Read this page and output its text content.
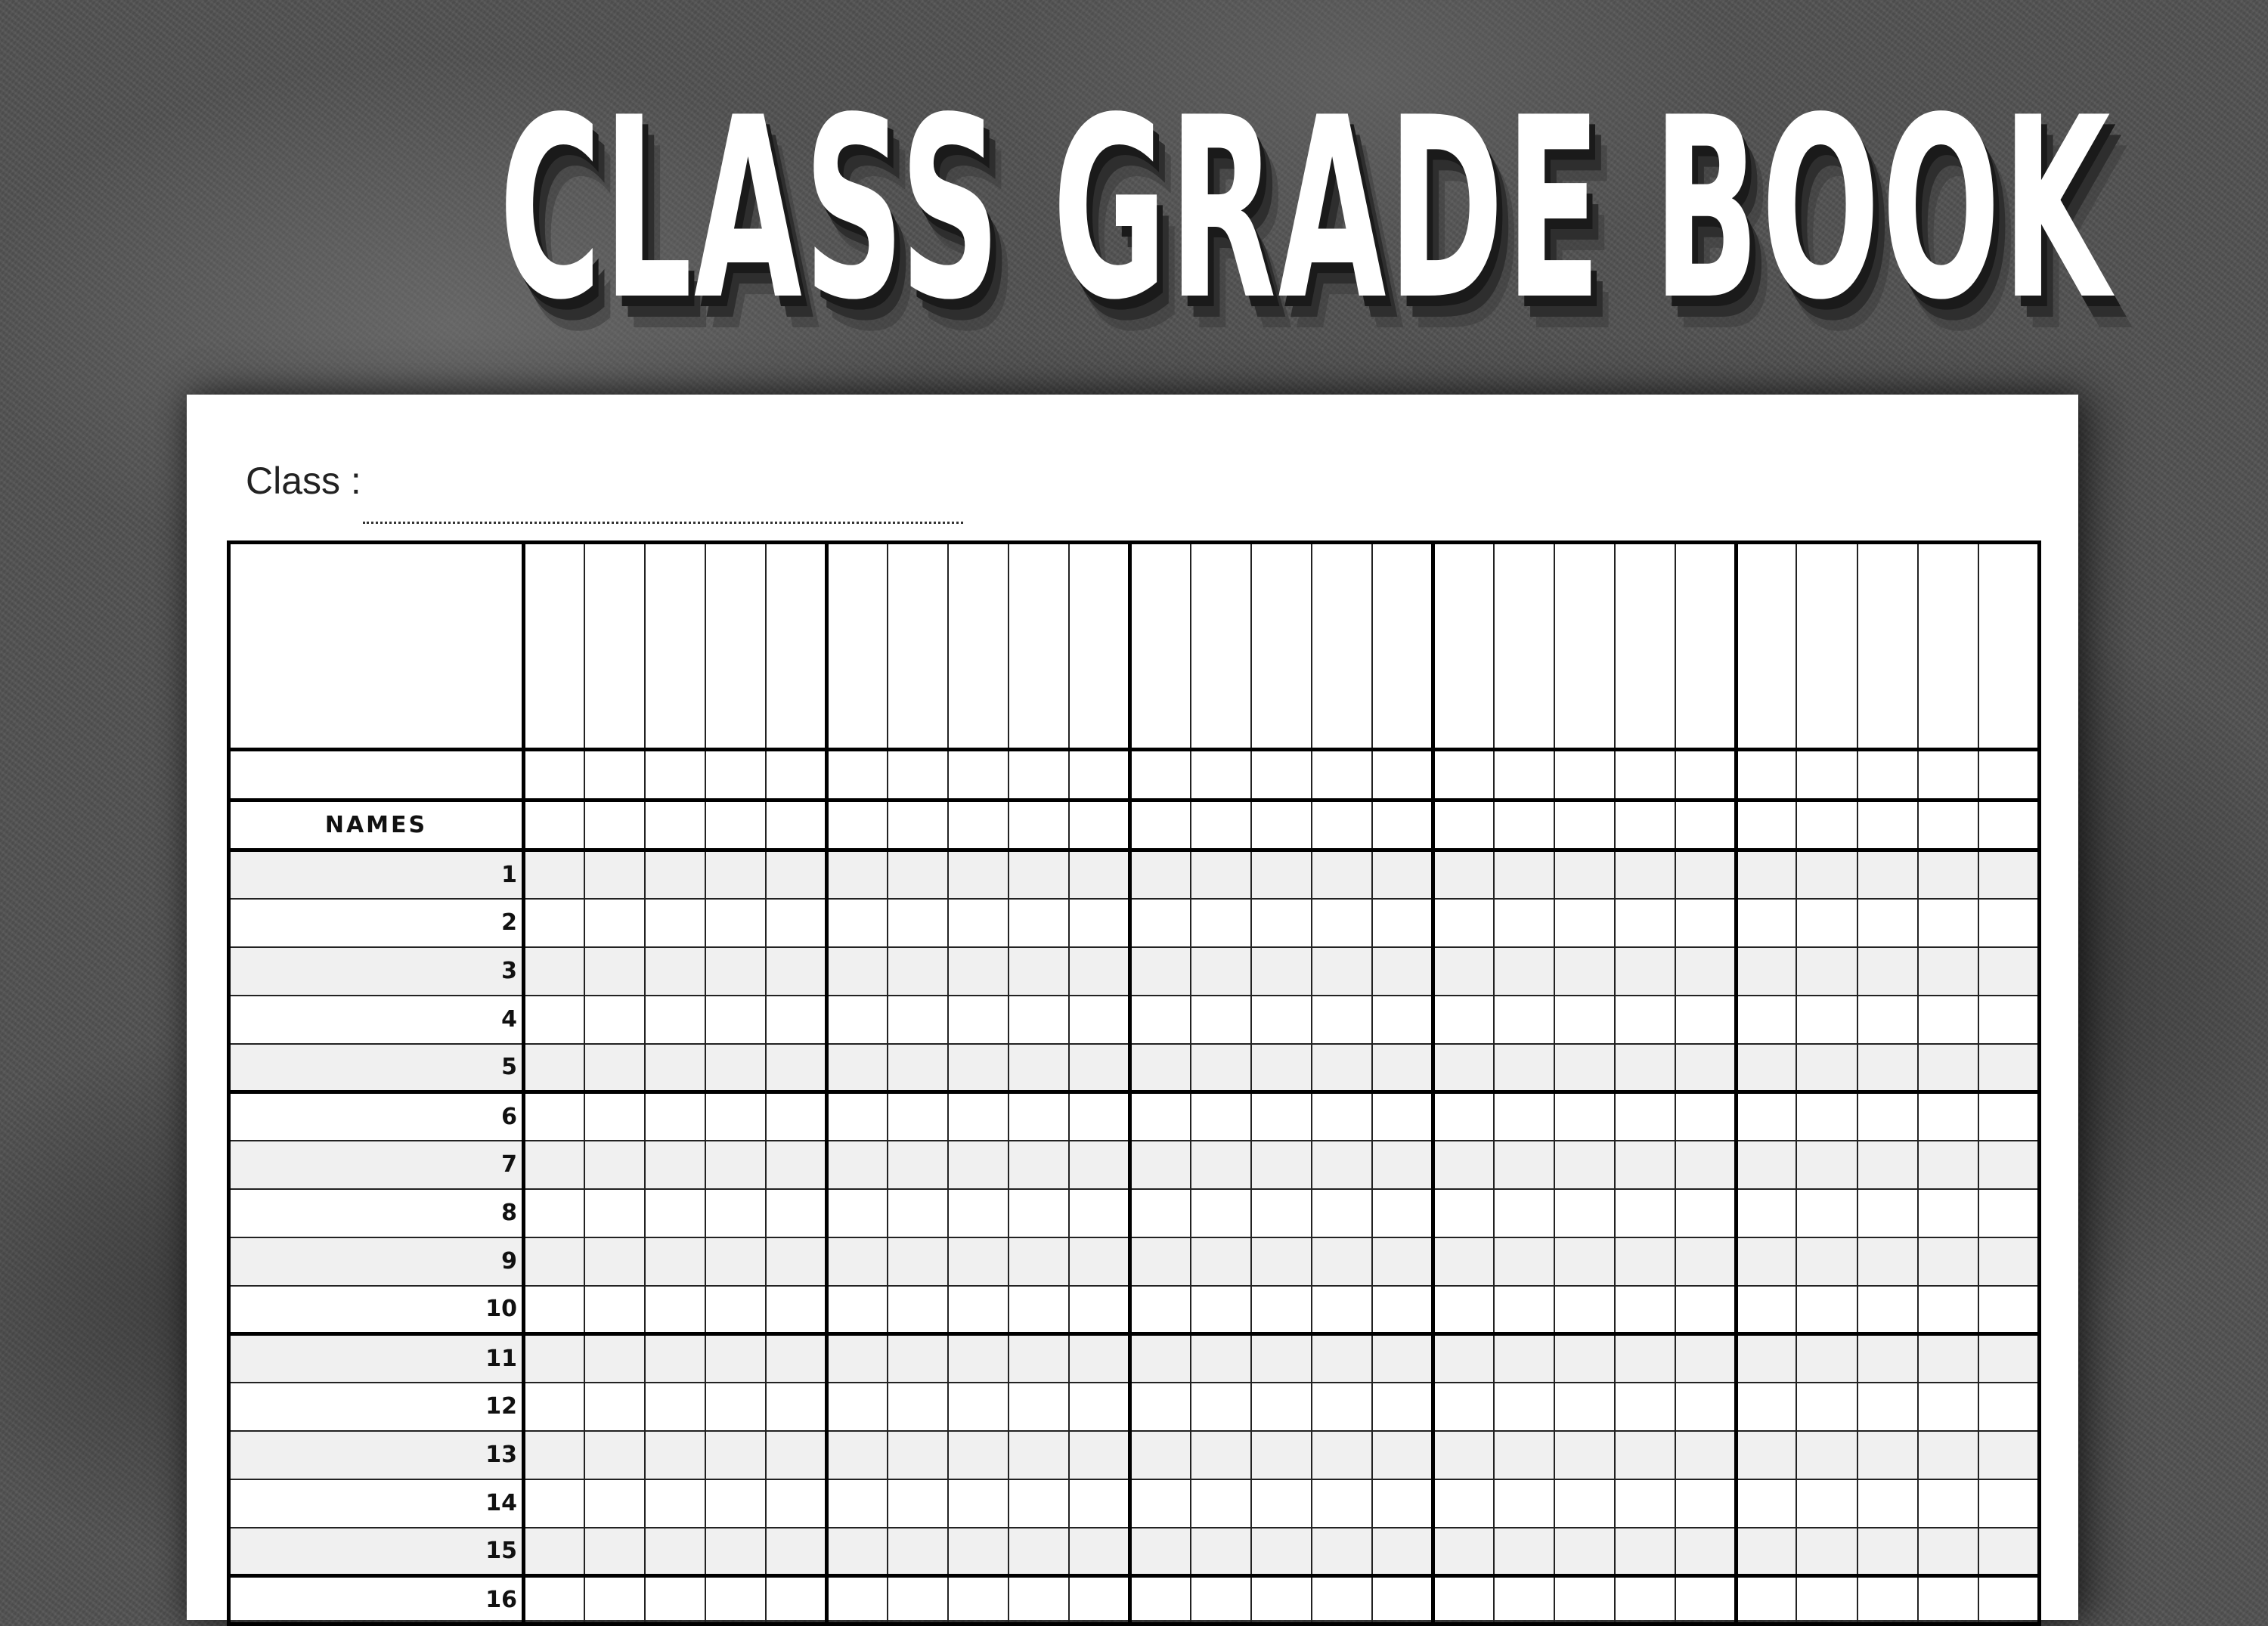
CLASS GRADE BOOK
Class :

NAMES																									
1																									
2																									
3																									
4																									
5																									
6																									
7																									
8																									
9																									
10																									
11																									
12																									
13																									
14																									
15																									
16																									
